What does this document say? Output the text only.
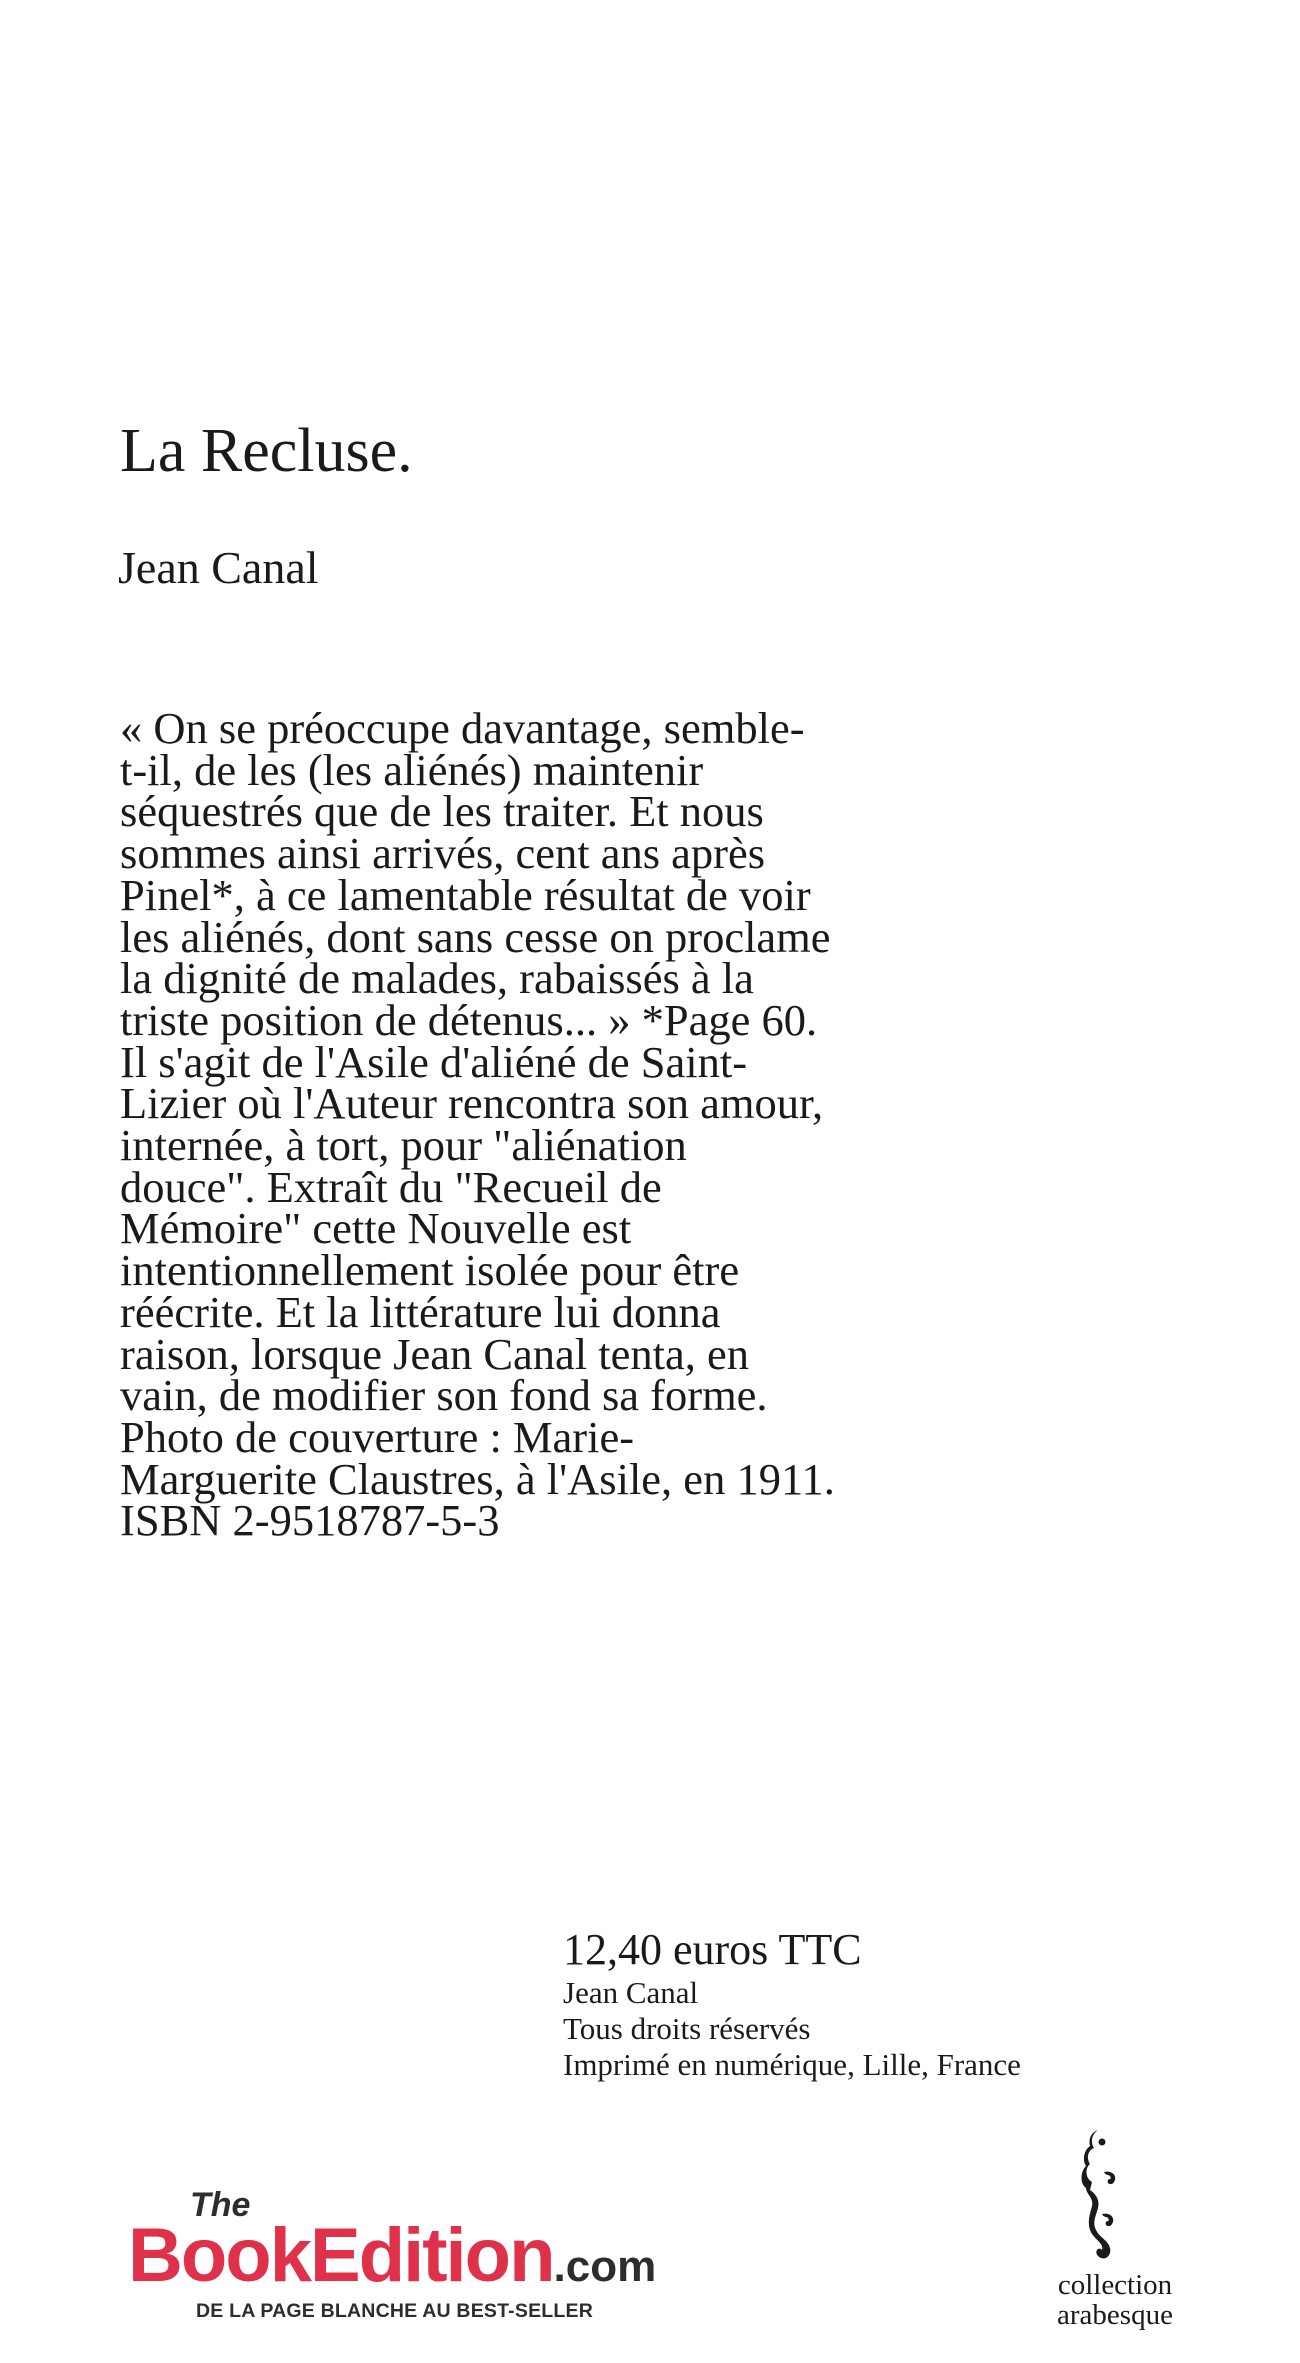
La Recluse.
Jean Canal
« On se préoccupe davantage, semble-
t-il, de les (les aliénés) maintenir
séquestrés que de les traiter. Et nous
sommes ainsi arrivés, cent ans après
Pinel*, à ce lamentable résultat de voir
les aliénés, dont sans cesse on proclame
la dignité de malades, rabaissés à la
triste position de détenus... » *Page 60.
Il s'agit de l'Asile d'aliéné de Saint-
Lizier où l'Auteur rencontra son amour,
internée, à tort, pour "aliénation
douce". Extraît du "Recueil de
Mémoire" cette Nouvelle est
intentionnellement isolée pour être
réécrite. Et la littérature lui donna
raison, lorsque Jean Canal tenta, en
vain, de modifier son fond sa forme.
Photo de couverture : Marie-
Marguerite Claustres, à l'Asile, en 1911.
ISBN 2-9518787-5-3
12,40 euros TTC
Jean Canal
Tous droits réservés
Imprimé en numérique, Lille, France
The
BookEdition.com
DE LA PAGE BLANCHE AU BEST-SELLER
collection
arabesque
